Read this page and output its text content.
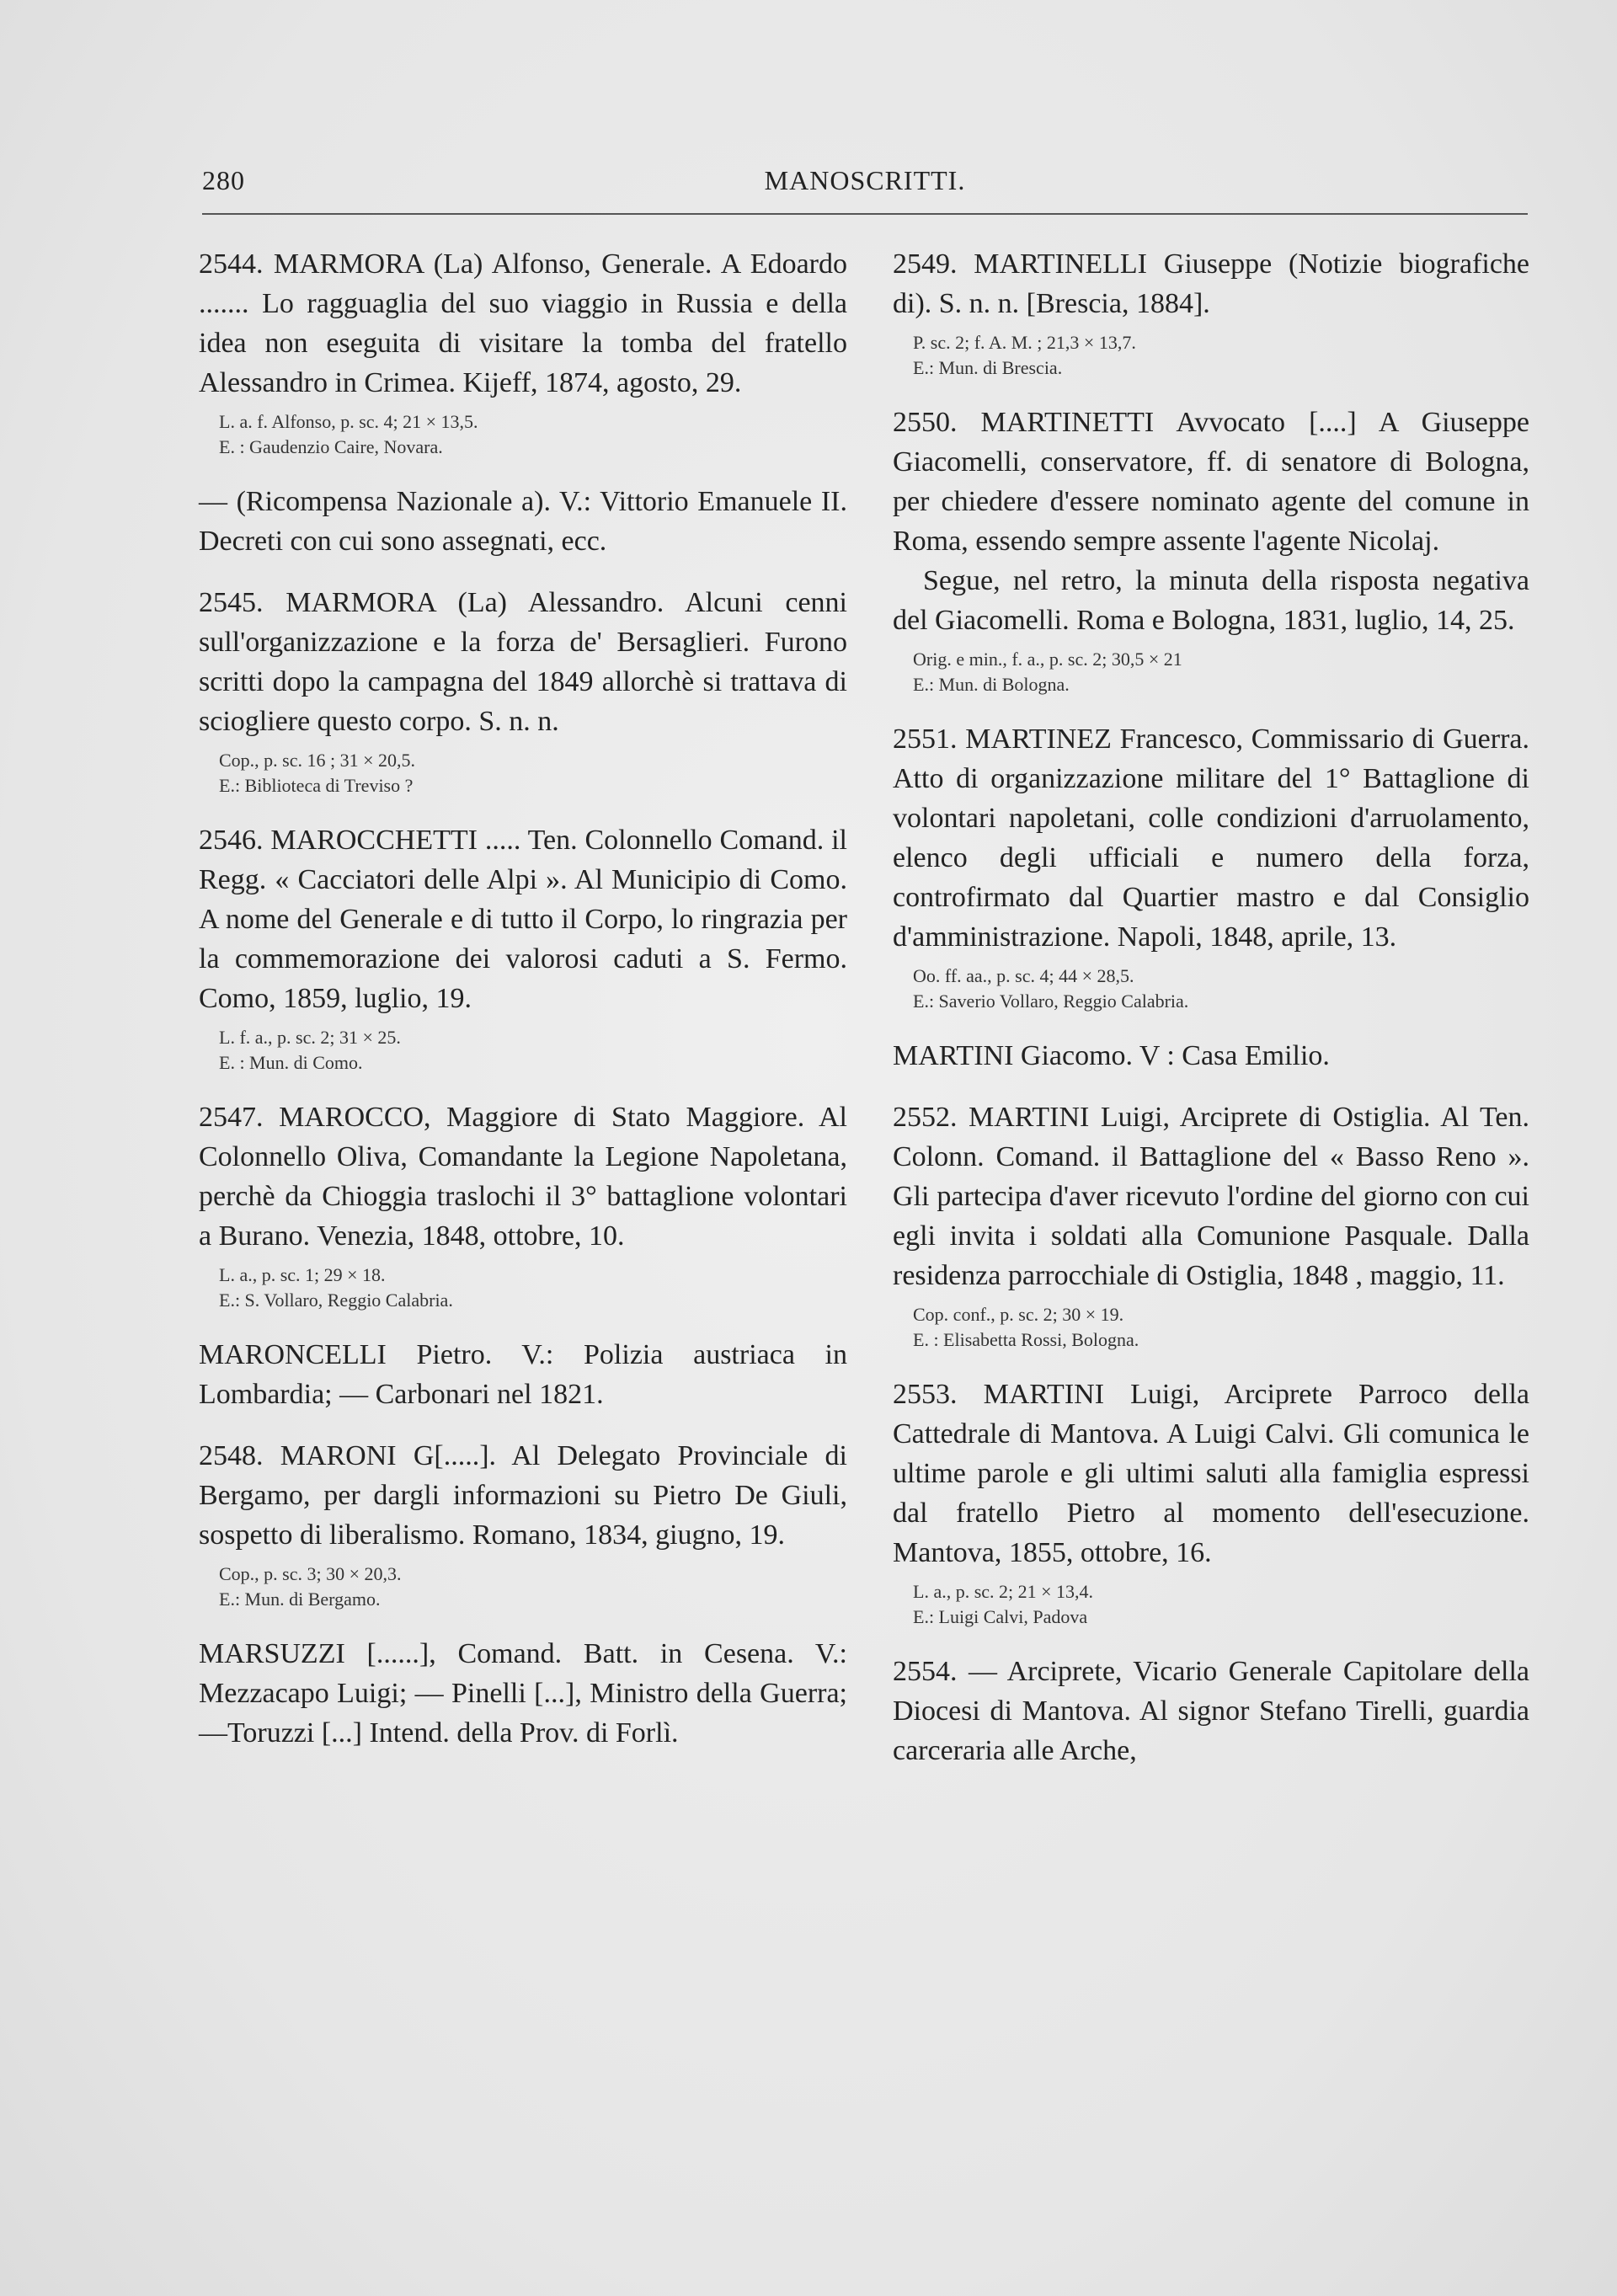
280	MANOSCRITTI.
2544. MARMORA (La) Alfonso, Generale. A Edoardo ....... Lo ragguaglia del suo viaggio in Russia e della idea non eseguita di visitare la tomba del fratello Alessandro in Crimea. Kijeff, 1874, agosto, 29.
L. a. f. Alfonso, p. sc. 4; 21 × 13,5.
E. : Gaudenzio Caire, Novara.
— (Ricompensa Nazionale a). V.: Vittorio Emanuele II. Decreti con cui sono assegnati, ecc.
2545. MARMORA (La) Alessandro. Alcuni cenni sull'organizzazione e la forza de' Bersaglieri. Furono scritti dopo la campagna del 1849 allorchè si trattava di sciogliere questo corpo. S. n. n.
Cop., p. sc. 16 ; 31 × 20,5.
E.: Biblioteca di Treviso ?
2546. MAROCCHETTI ..... Ten. Colonnello Comand. il Regg. « Cacciatori delle Alpi ». Al Municipio di Como. A nome del Generale e di tutto il Corpo, lo ringrazia per la commemorazione dei valorosi caduti a S. Fermo. Como, 1859, luglio, 19.
L. f. a., p. sc. 2; 31 × 25.
E. : Mun. di Como.
2547. MAROCCO, Maggiore di Stato Maggiore. Al Colonnello Oliva, Comandante la Legione Napoletana, perchè da Chioggia traslochi il 3° battaglione volontari a Burano. Venezia, 1848, ottobre, 10.
L. a., p. sc. 1; 29 × 18.
E.: S. Vollaro, Reggio Calabria.
MARONCELLI Pietro. V.: Polizia austriaca in Lombardia; — Carbonari nel 1821.
2548. MARONI G[.....]. Al Delegato Provinciale di Bergamo, per dargli informazioni su Pietro De Giuli, sospetto di liberalismo. Romano, 1834, giugno, 19.
Cop., p. sc. 3; 30 × 20,3.
E.: Mun. di Bergamo.
MARSUZZI [......], Comand. Batt. in Cesena. V.: Mezzacapo Luigi; — Pinelli [...], Ministro della Guerra; —Toruzzi [...] Intend. della Prov. di Forlì.
2549. MARTINELLI Giuseppe (Notizie biografiche di). S. n. n. [Brescia, 1884].
P. sc. 2; f. A. M. ; 21,3 × 13,7.
E.: Mun. di Brescia.
2550. MARTINETTI Avvocato [....] A Giuseppe Giacomelli, conservatore, ff. di senatore di Bologna, per chiedere d'essere nominato agente del comune in Roma, essendo sempre assente l'agente Nicolaj.
Segue, nel retro, la minuta della risposta negativa del Giacomelli. Roma e Bologna, 1831, luglio, 14, 25.
Orig. e min., f. a., p. sc. 2; 30,5 × 21
E.: Mun. di Bologna.
2551. MARTINEZ Francesco, Commissario di Guerra. Atto di organizzazione militare del 1° Battaglione di volontari napoletani, colle condizioni d'arruolamento, elenco degli ufficiali e numero della forza, controfirmato dal Quartier mastro e dal Consiglio d'amministrazione. Napoli, 1848, aprile, 13.
Oo. ff. aa., p. sc. 4; 44 × 28,5.
E.: Saverio Vollaro, Reggio Calabria.
MARTINI Giacomo. V : Casa Emilio.
2552. MARTINI Luigi, Arciprete di Ostiglia. Al Ten. Colonn. Comand. il Battaglione del « Basso Reno ». Gli partecipa d'aver ricevuto l'ordine del giorno con cui egli invita i soldati alla Comunione Pasquale. Dalla residenza parrocchiale di Ostiglia, 1848 , maggio, 11.
Cop. conf., p. sc. 2; 30 × 19.
E. : Elisabetta Rossi, Bologna.
2553. MARTINI Luigi, Arciprete Parroco della Cattedrale di Mantova. A Luigi Calvi. Gli comunica le ultime parole e gli ultimi saluti alla famiglia espressi dal fratello Pietro al momento dell'esecuzione. Mantova, 1855, ottobre, 16.
L. a., p. sc. 2; 21 × 13,4.
E.: Luigi Calvi, Padova
2554. — Arciprete, Vicario Generale Capitolare della Diocesi di Mantova. Al signor Stefano Tirelli, guardia carceraria alle Arche,
